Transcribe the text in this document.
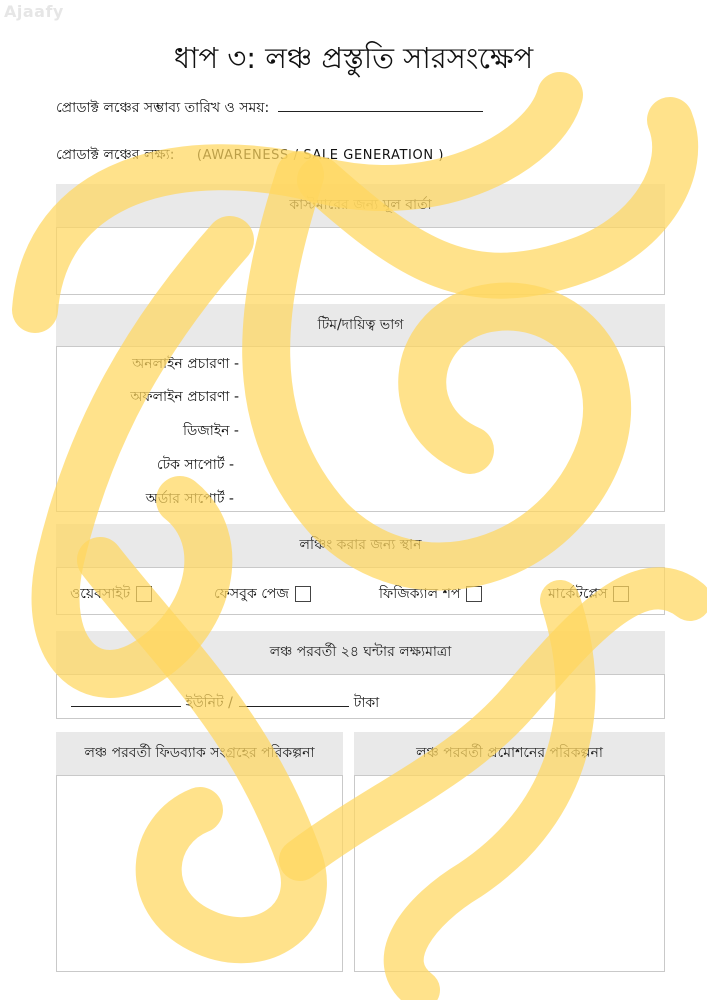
Ajaafy
ধাপ ৩: লঞ্চ প্রস্তুতি সারসংক্ষেপ
প্রোডাক্ট লঞ্চের সম্ভাব্য তারিখ ও সময়:
প্রোডাক্ট লঞ্চের লক্ষ্য: (AWARENESS / SALE GENERATION )
কাস্টমারের জন্য মূল বার্তা
টিম/দায়িত্ব ভাগ
অনলাইন প্রচারণা -
অফলাইন প্রচারণা -
ডিজাইন -
টেক সাপোর্ট -
অর্ডার সাপোর্ট -
লঞ্চিং করার জন্য স্থান
ওয়েবসাইট	ফেসবুক পেজ	ফিজিক্যাল শপ	মার্কেটপ্লেস
লঞ্চ পরবর্তী ২৪ ঘন্টার লক্ষ্যমাত্রা
ইউনিট /	টাকা
লঞ্চ পরবর্তী ফিডব্যাক সংগ্রহের পরিকল্পনা	লঞ্চ পরবর্তী প্রমোশনের পরিকল্পনা
